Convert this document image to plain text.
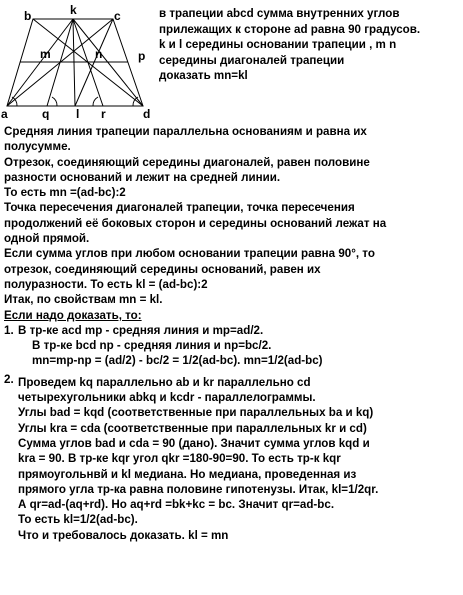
b	k	c
m	n	p
a	q l r	d

в трапеции abcd сумма внутренних углов

прилежащих к стороне ad равна 90 градусов.

k и l середины основании трапеции , m n

середины диагоналей трапеции

доказать mn=kl

Средняя линия трапеции параллельна основаниям и равна их

полусумме.

Отрезок, соединяющий середины диагоналей, равен половине

разности оснований и лежит на средней линии.

То есть mn =(ad-bc):2

Точка пересечения диагоналей трапеции, точка пересечения

продолжений её боковых сторон и середины оснований лежат на

одной прямой.

Если сумма углов при любом основании трапеции равна 90°, то

отрезок, соединяющий середины оснований, равен их

полуразности. То есть kl = (ad-bc):2

Итак, по свойствам mn = kl.

Если надо доказать, то:

1. В тр-ке acd mp - средняя линия и mp=ad/2.

В тр-ке bcd np - средняя линия и np=bc/2.

mn=mp-np = (ad/2) - bc/2 = 1/2(ad-bc). mn=1/2(ad-bc)

2. Проведем kq параллельно ab и kr параллельно cd

четырехугольники abkq и kcdr - параллелограммы.

Углы bad = kqd (соответственные при параллельных ba и kq)

Углы kra = cda (соответственные при параллельных kr и cd)

Сумма углов bad и cda = 90 (дано). Значит сумма углов kqd и

kra = 90. В тр-ке kqr угол qkr =180-90=90. То есть тр-к kqr

прямоугольнвй и kl медиана. Но медиана, проведенная из

прямого угла тр-ка равна половине гипотенузы. Итак, kl=1/2qr.

А qr=ad-(aq+rd). Но aq+rd =bk+kc = bc. Значит qr=ad-bc.

То есть kl=1/2(ad-bc).

Что и требовалось доказать. kl = mn
